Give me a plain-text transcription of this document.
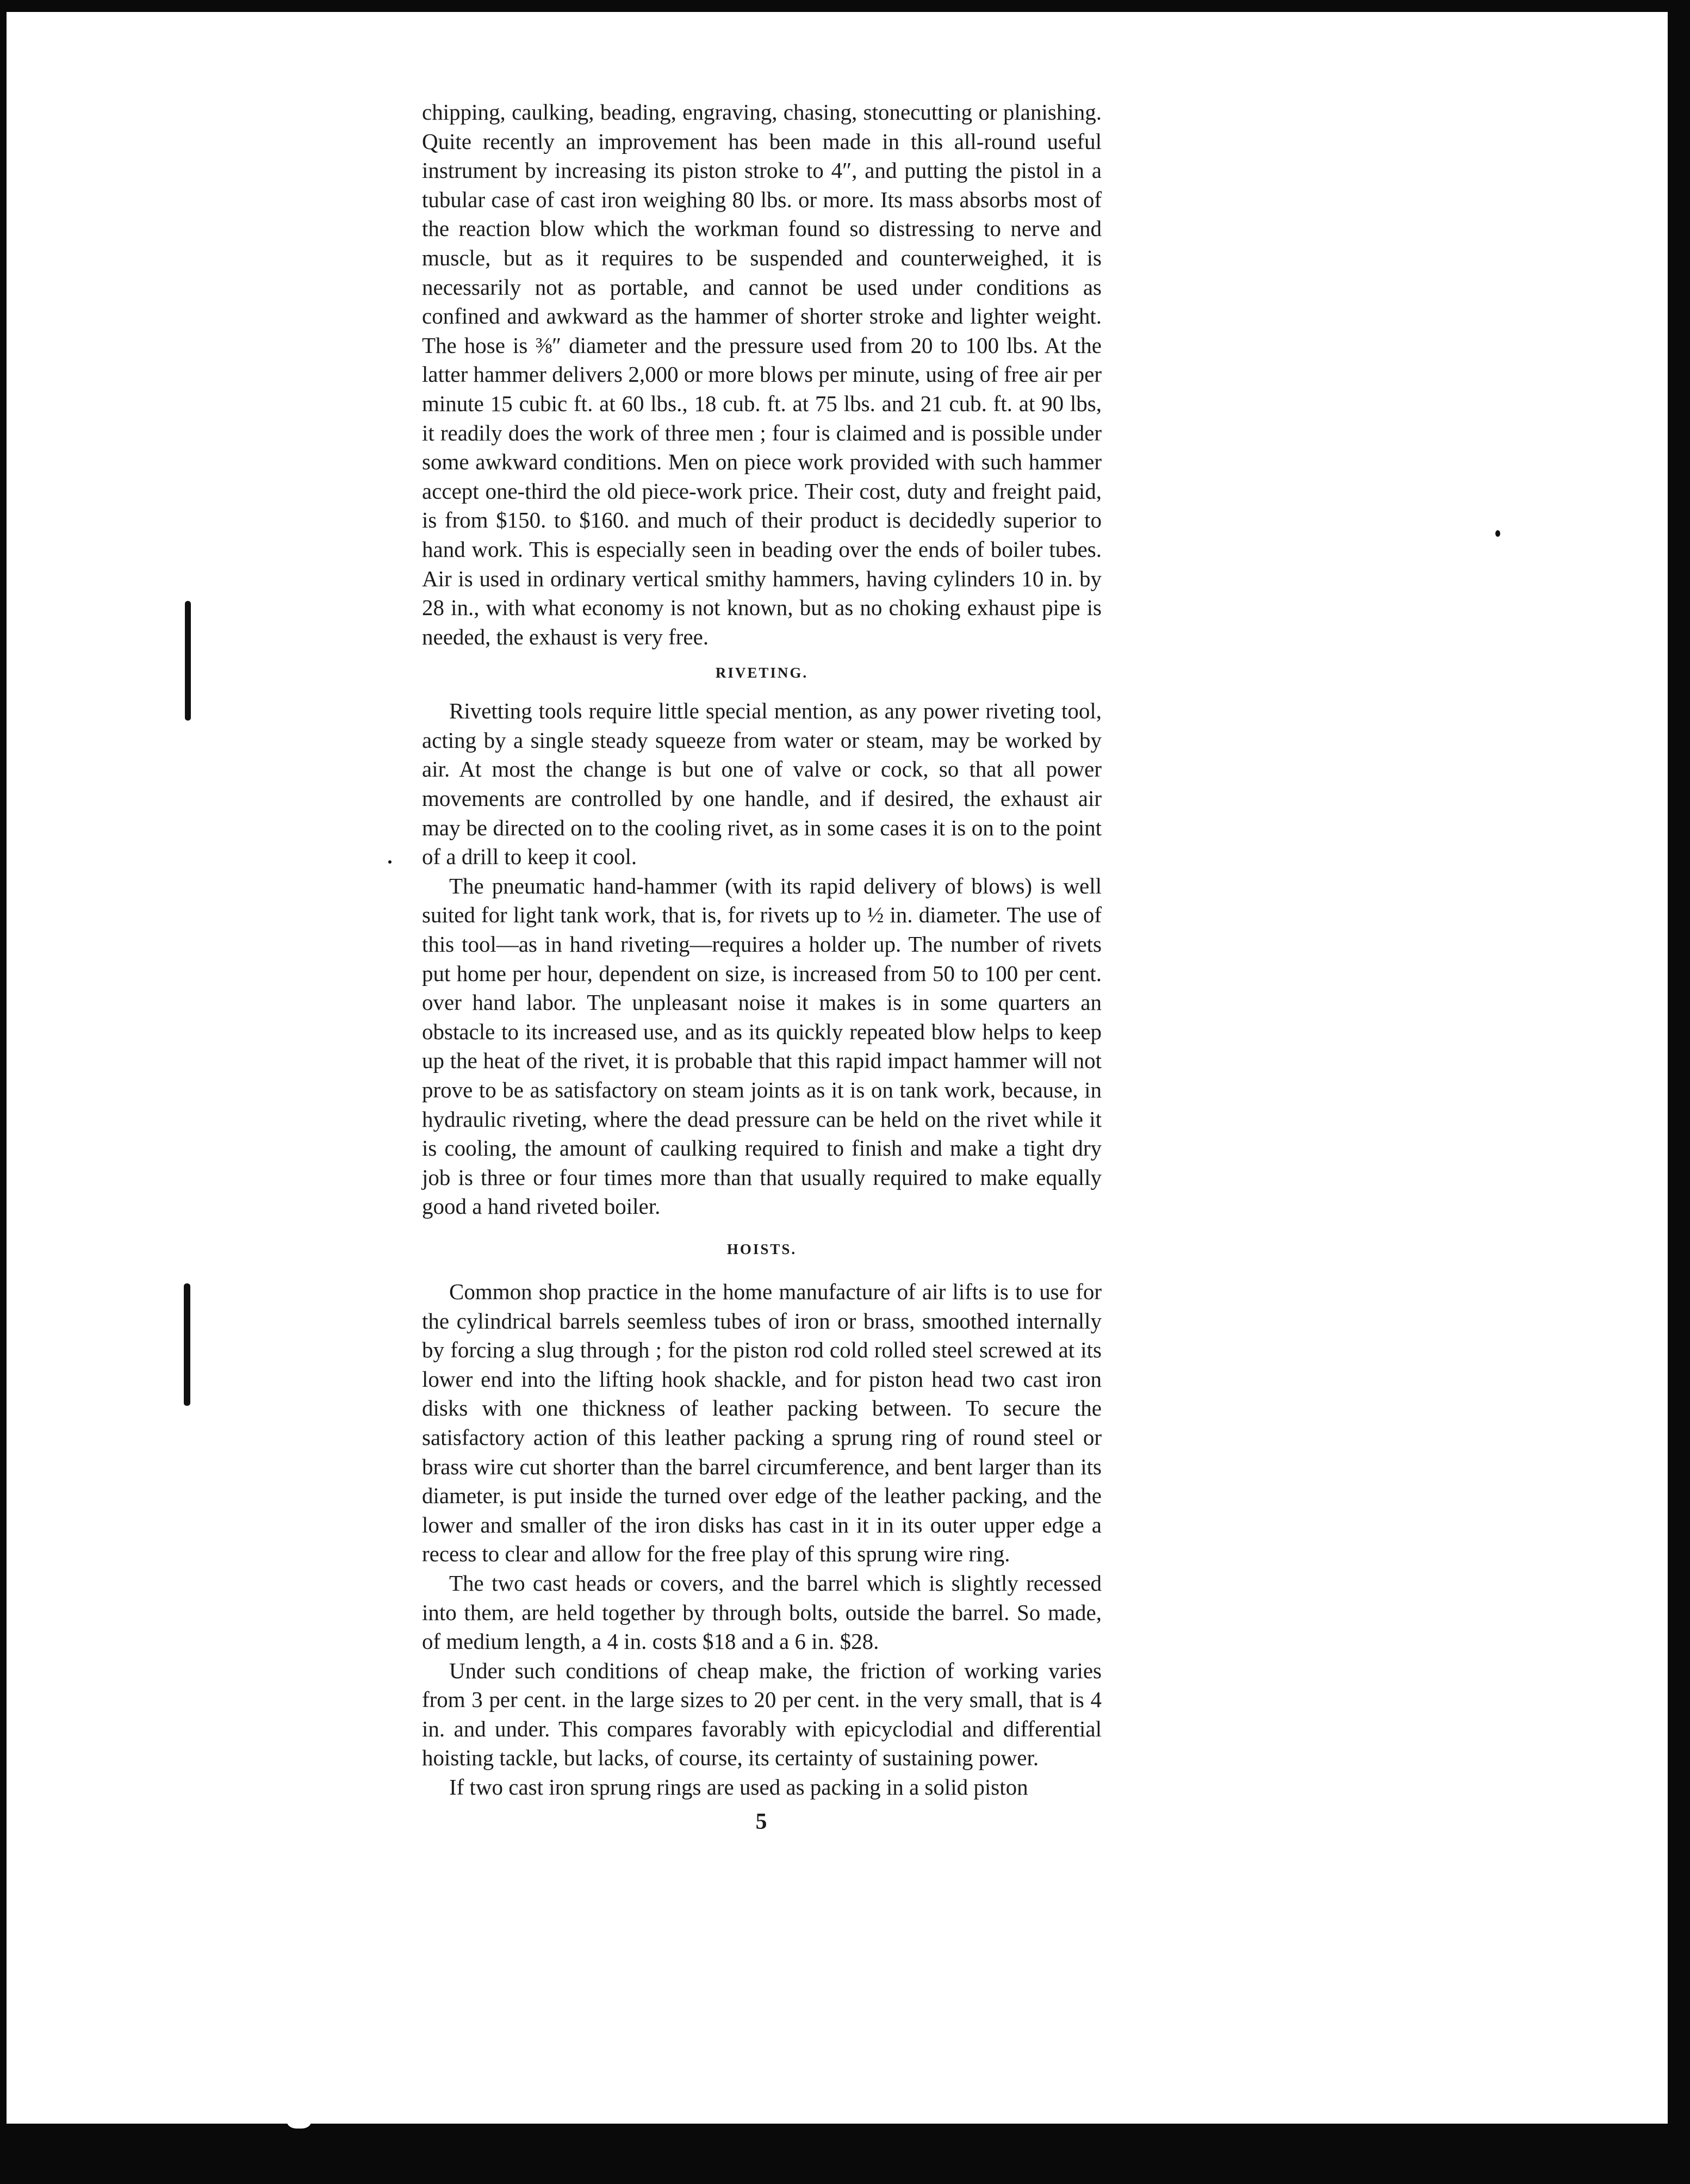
chipping, caulking, beading, engraving, chasing, stonecutting or planishing. Quite recently an improvement has been made in this all-round useful instrument by increasing its piston stroke to 4″, and putting the pistol in a tubular case of cast iron weighing 80 lbs. or more. Its mass absorbs most of the reaction blow which the workman found so distressing to nerve and muscle, but as it requires to be suspended and counterweighed, it is necessarily not as portable, and cannot be used under conditions as confined and awkward as the hammer of shorter stroke and lighter weight. The hose is ⅜″ diameter and the pressure used from 20 to 100 lbs. At the latter hammer delivers 2,000 or more blows per minute, using of free air per minute 15 cubic ft. at 60 lbs., 18 cub. ft. at 75 lbs. and 21 cub. ft. at 90 lbs, it readily does the work of three men ; four is claimed and is possible under some awkward conditions. Men on piece work provided with such hammer accept one-third the old piece-work price. Their cost, duty and freight paid, is from $150. to $160. and much of their product is decidedly superior to hand work. This is especially seen in beading over the ends of boiler tubes. Air is used in ordinary vertical smithy hammers, having cylinders 10 in. by 28 in., with what economy is not known, but as no choking exhaust pipe is needed, the exhaust is very free.

RIVETING.

Rivetting tools require little special mention, as any power riveting tool, acting by a single steady squeeze from water or steam, may be worked by air. At most the change is but one of valve or cock, so that all power movements are controlled by one handle, and if desired, the exhaust air may be directed on to the cooling rivet, as in some cases it is on to the point of a drill to keep it cool.

The pneumatic hand-hammer (with its rapid delivery of blows) is well suited for light tank work, that is, for rivets up to ½ in. diameter. The use of this tool—as in hand riveting—requires a holder up. The number of rivets put home per hour, dependent on size, is increased from 50 to 100 per cent. over hand labor. The unpleasant noise it makes is in some quarters an obstacle to its increased use, and as its quickly repeated blow helps to keep up the heat of the rivet, it is probable that this rapid impact hammer will not prove to be as satisfactory on steam joints as it is on tank work, because, in hydraulic riveting, where the dead pressure can be held on the rivet while it is cooling, the amount of caulking required to finish and make a tight dry job is three or four times more than that usually required to make equally good a hand riveted boiler.

HOISTS.

Common shop practice in the home manufacture of air lifts is to use for the cylindrical barrels seemless tubes of iron or brass, smoothed internally by forcing a slug through ; for the piston rod cold rolled steel screwed at its lower end into the lifting hook shackle, and for piston head two cast iron disks with one thickness of leather packing between. To secure the satisfactory action of this leather packing a sprung ring of round steel or brass wire cut shorter than the barrel circumference, and bent larger than its diameter, is put inside the turned over edge of the leather packing, and the lower and smaller of the iron disks has cast in it in its outer upper edge a recess to clear and allow for the free play of this sprung wire ring.

The two cast heads or covers, and the barrel which is slightly recessed into them, are held together by through bolts, outside the barrel. So made, of medium length, a 4 in. costs $18 and a 6 in. $28.

Under such conditions of cheap make, the friction of working varies from 3 per cent. in the large sizes to 20 per cent. in the very small, that is 4 in. and under. This compares favorably with epicyclodial and differential hoisting tackle, but lacks, of course, its certainty of sustaining power.

If two cast iron sprung rings are used as packing in a solid piston

5
